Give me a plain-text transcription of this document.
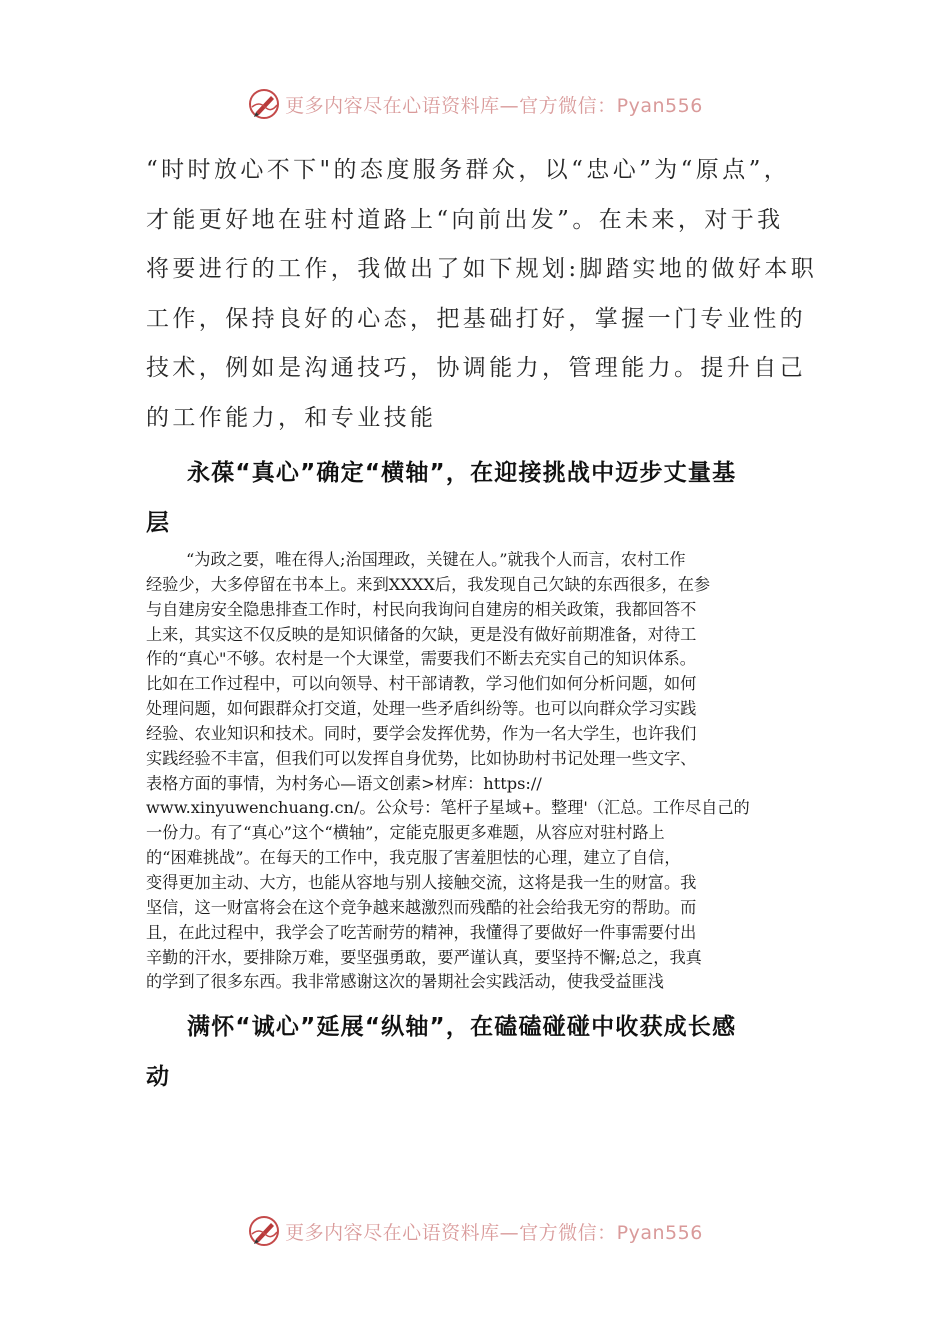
更多内容尽在心语资料库—官方微信：Pyan556

“时时放心不下"的态度服务群众，以“忠心”为“原点”，

才能更好地在驻村道路上“向前出发”。在未来，对于我

将要进行的工作，我做出了如下规划:脚踏实地的做好本职

工作，保持良好的心态，把基础打好，掌握一门专业性的

技术，例如是沟通技巧，协调能力，管理能力。提升自己

的工作能力，和专业技能

永葆“真心”确定“横轴”，在迎接挑战中迈步丈量基
层
“为政之要，唯在得人;治国理政，关键在人。”就我个人而言，农村工作
经验少，大多停留在书本上。来到XXXX后，我发现自己欠缺的东西很多，在参
与自建房安全隐患排查工作时，村民向我询问自建房的相关政策，我都回答不
上来，其实这不仅反映的是知识储备的欠缺，更是没有做好前期准备，对待工
作的“真心"不够。农村是一个大课堂，需要我们不断去充实自己的知识体系。
比如在工作过程中，可以向领导、村干部请教，学习他们如何分析问题，如何
处理问题，如何跟群众打交道，处理一些矛盾纠纷等。也可以向群众学习实践
经验、农业知识和技术。同时，要学会发挥优势，作为一名大学生，也许我们
实践经验不丰富，但我们可以发挥自身优势，比如协助村书记处理一些文字、
表格方面的事情，为村务心—语文创素>材库：https://
www.xinyuwenchuang.cn/。公众号：笔杆子星域+。整理'（汇总。工作尽自己的
一份力。有了“真心”这个“横轴”，定能克服更多难题，从容应对驻村路上
的“困难挑战”。在每天的工作中，我克服了害羞胆怯的心理，建立了自信，
变得更加主动、大方，也能从容地与别人接触交流，这将是我一生的财富。我
坚信，这一财富将会在这个竞争越来越激烈而残酷的社会给我无穷的帮助。而
且，在此过程中，我学会了吃苦耐劳的精神，我懂得了要做好一件事需要付出
辛勤的汗水，要排除万难，要坚强勇敢，要严谨认真，要坚持不懈;总之，我真
的学到了很多东西。我非常感谢这次的暑期社会实践活动，使我受益匪浅
满怀“诚心”延展“纵轴”，在磕磕碰碰中收获成长感
动
更多内容尽在心语资料库—官方微信：Pyan556
